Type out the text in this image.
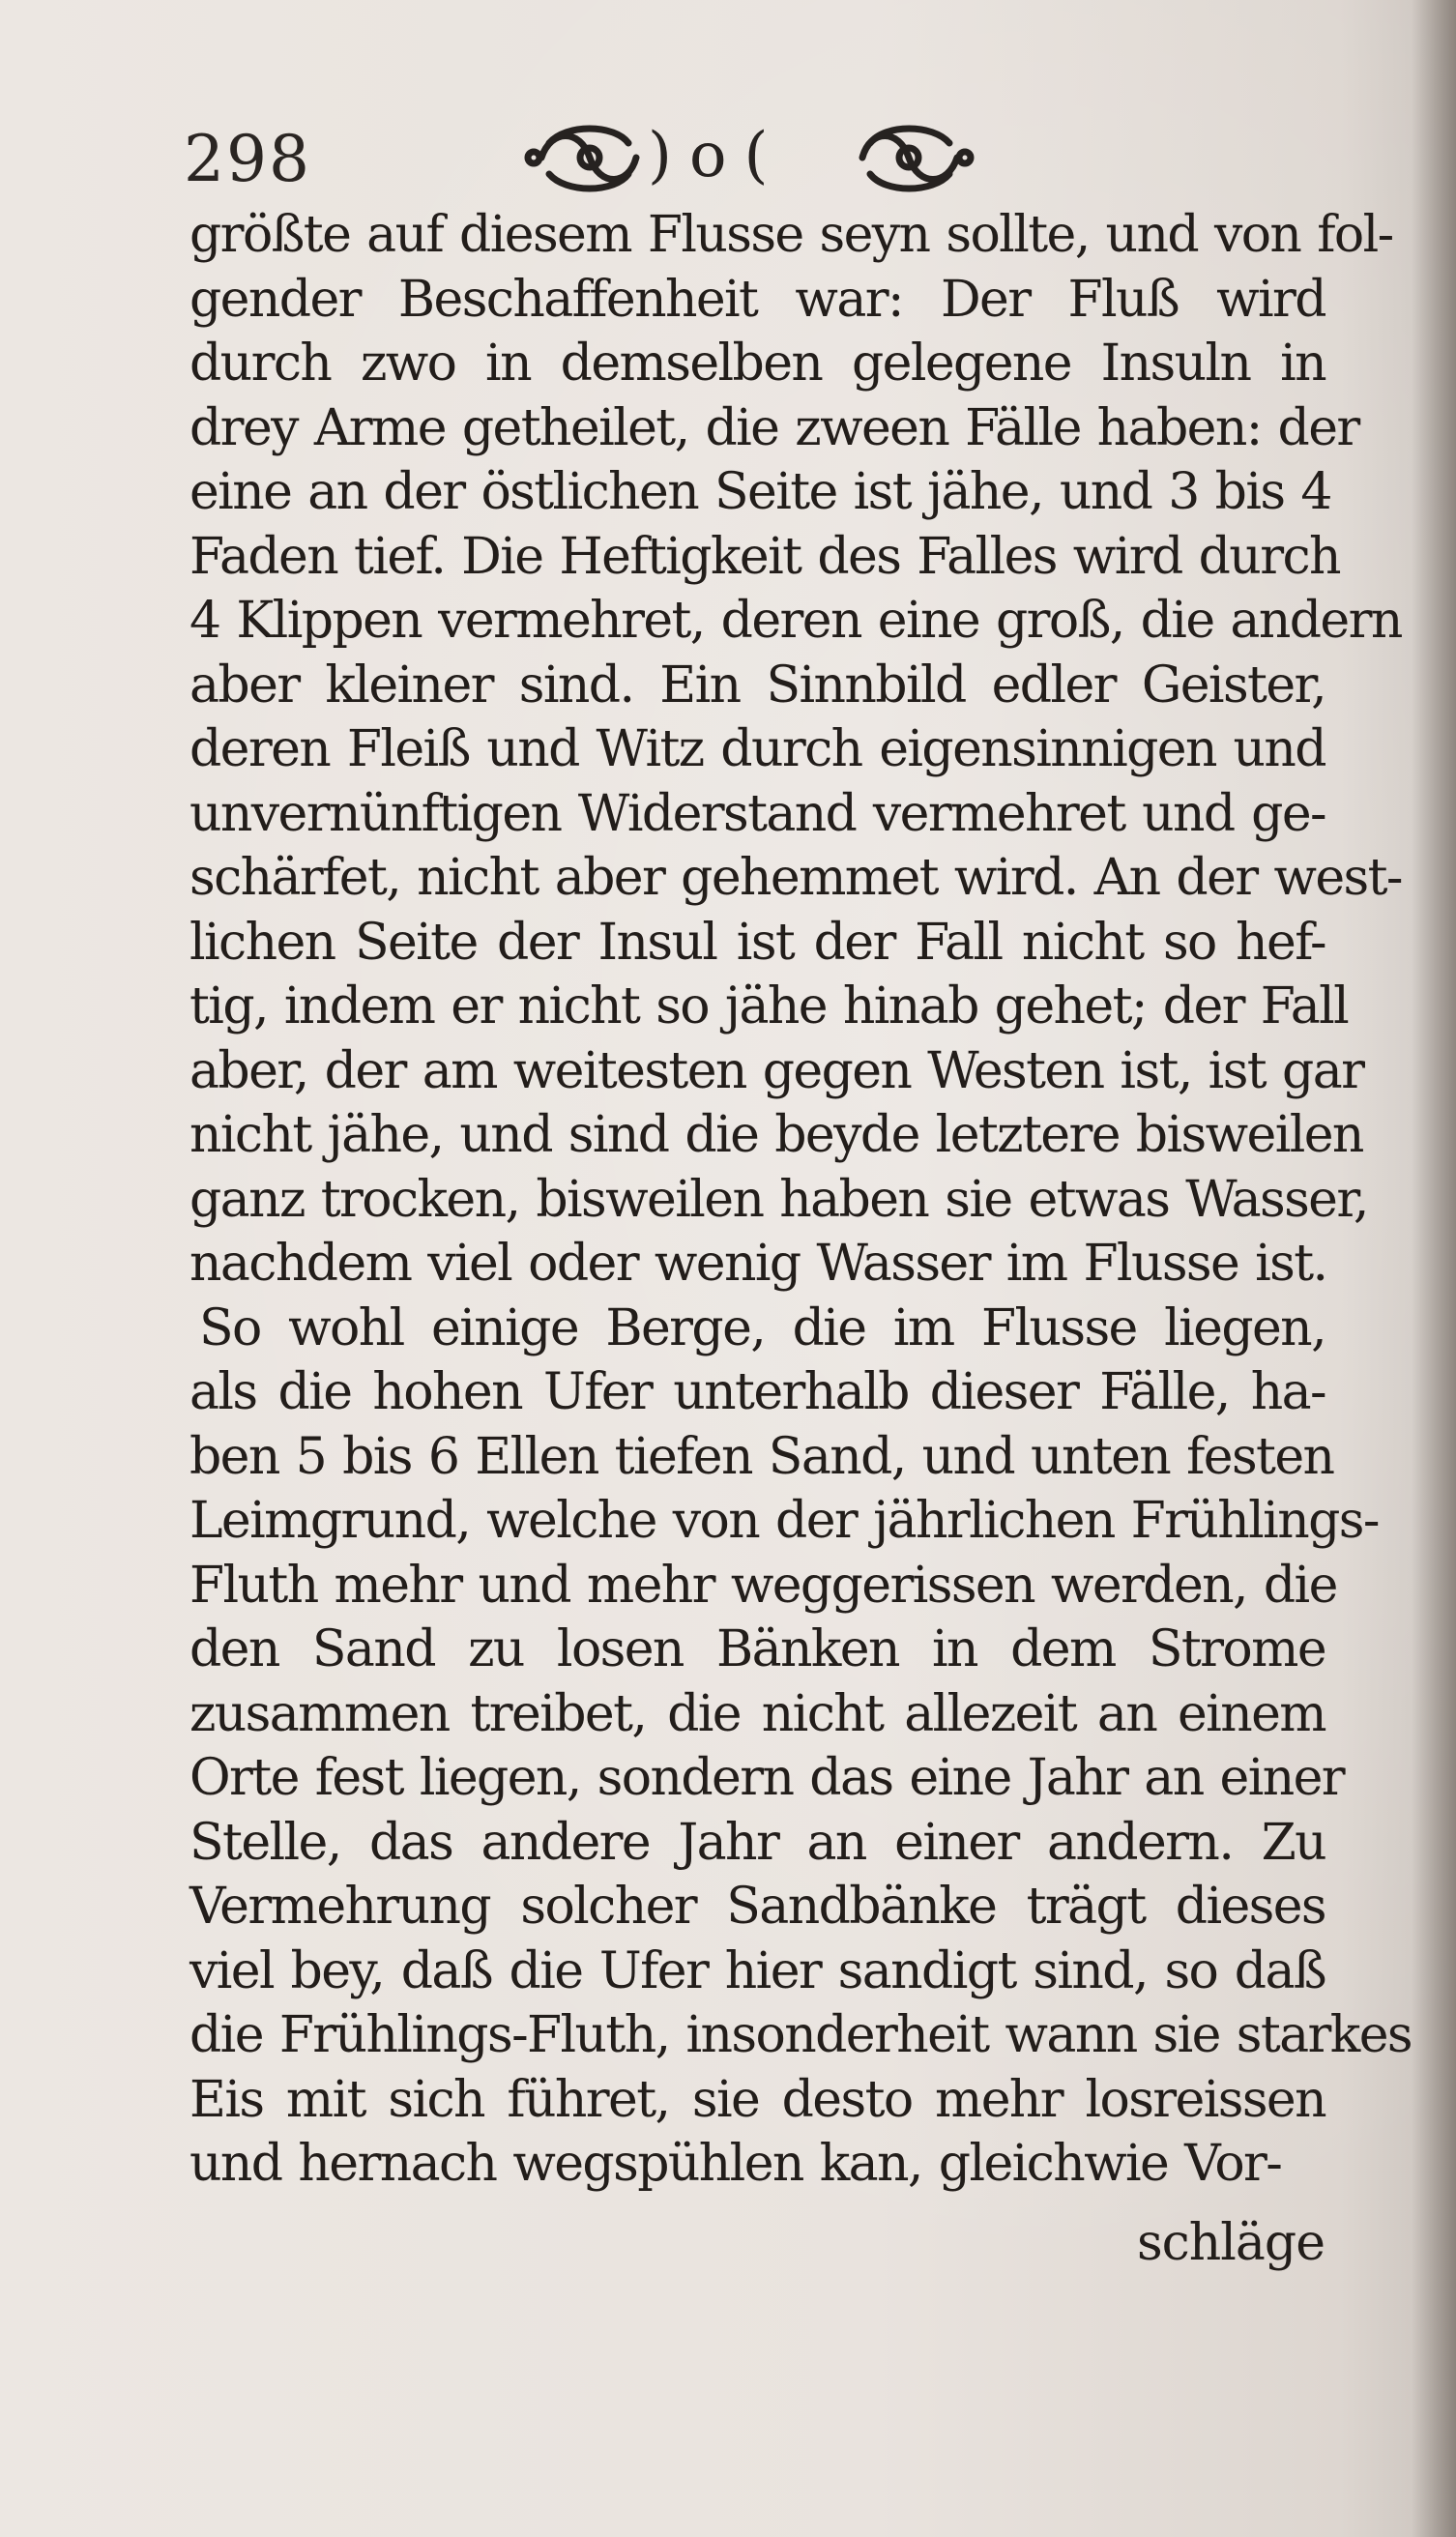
298	)o(
größte auf diesem Flusse seyn sollte, und von fol-
gender Beschaffenheit war: Der Fluß wird
durch zwo in demselben gelegene Insuln in
drey Arme getheilet, die zween Fälle haben: der
eine an der östlichen Seite ist jähe, und 3 bis 4
Faden tief. Die Heftigkeit des Falles wird durch
4 Klippen vermehret, deren eine groß, die andern
aber kleiner sind. Ein Sinnbild edler Geister,
deren Fleiß und Witz durch eigensinnigen und
unvernünftigen Widerstand vermehret und ge-
schärfet, nicht aber gehemmet wird. An der west-
lichen Seite der Insul ist der Fall nicht so hef-
tig, indem er nicht so jähe hinab gehet; der Fall
aber, der am weitesten gegen Westen ist, ist gar
nicht jähe, und sind die beyde letztere bisweilen
ganz trocken, bisweilen haben sie etwas Wasser,
nachdem viel oder wenig Wasser im Flusse ist.
So wohl einige Berge, die im Flusse liegen,
als die hohen Ufer unterhalb dieser Fälle, ha-
ben 5 bis 6 Ellen tiefen Sand, und unten festen
Leimgrund, welche von der jährlichen Frühlings-
Fluth mehr und mehr weggerissen werden, die
den Sand zu losen Bänken in dem Strome
zusammen treibet, die nicht allezeit an einem
Orte fest liegen, sondern das eine Jahr an einer
Stelle, das andere Jahr an einer andern. Zu
Vermehrung solcher Sandbänke trägt dieses
viel bey, daß die Ufer hier sandigt sind, so daß
die Frühlings-Fluth, insonderheit wann sie starkes
Eis mit sich führet, sie desto mehr losreissen
und hernach wegspühlen kan, gleichwie Vor-
schläge
